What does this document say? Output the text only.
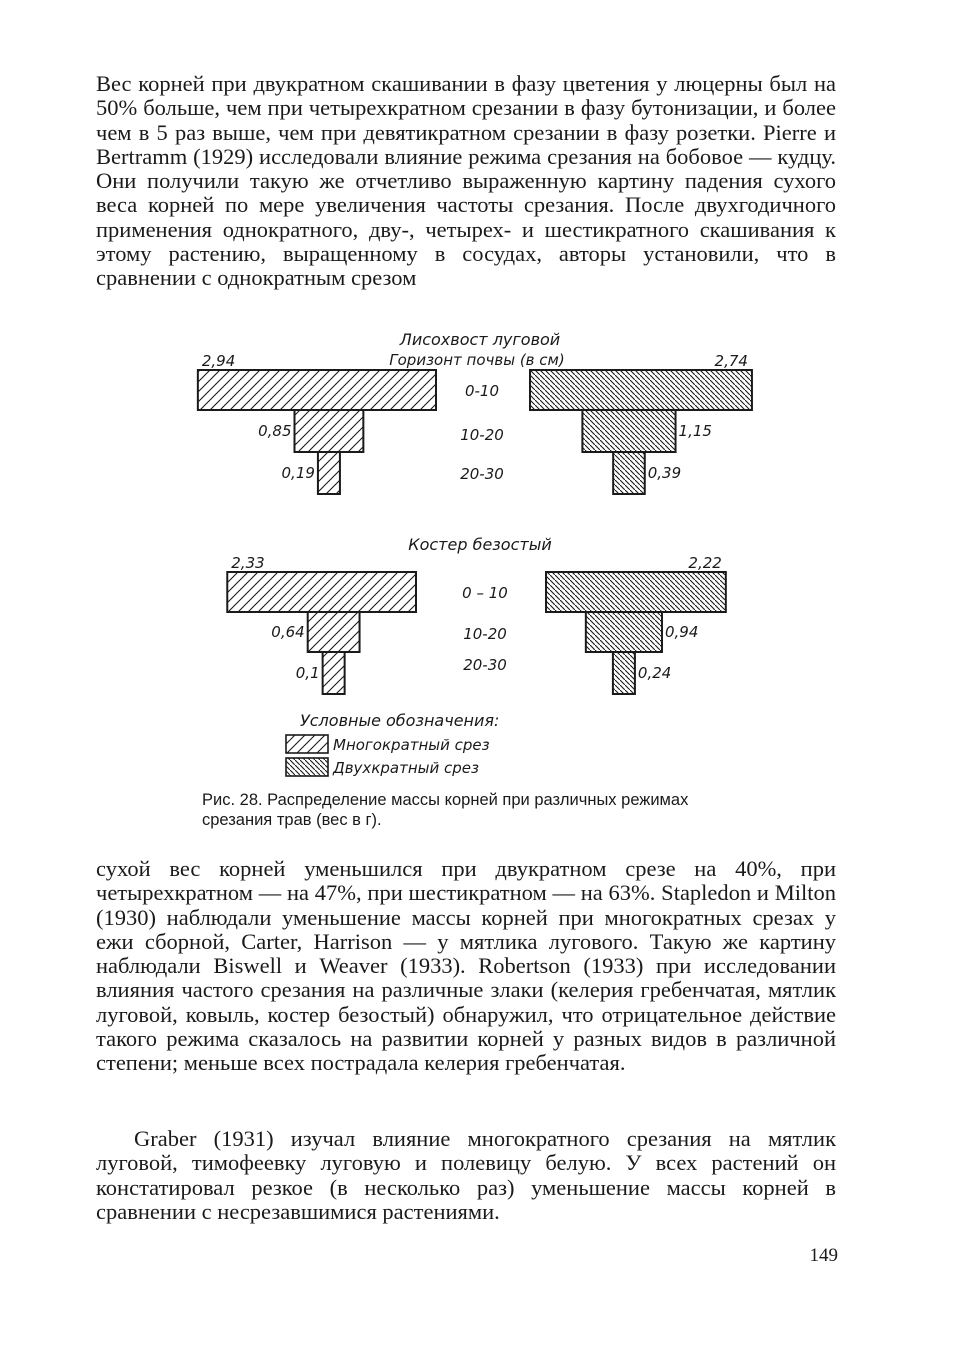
Вес корней при двукратном скашивании в фазу цветения у люцерны был на 50% больше, чем при четырехкратном срезании в фазу бутонизации, и более чем в 5 раз выше, чем при девятикратном срезании в фазу розетки. Pierre и Bertramm (1929) исследовали влияние режима срезания на бобовое — кудцу. Они получили такую же отчетливо выраженную картину падения сухого веса корней по мере увеличения частоты срезания. После двухгодичного применения однократного, дву-, четырех- и шестикратного скашивания к этому растению, выращенному в сосудах, авторы установили, что в сравнении с однократным срезом

Лисохвост луговой
Горизонт почвы (в см)
0-10
10-20
20-30
2,94
0,85
0,19
2,74
1,15
0,39
Костер безостый
0 – 10
10-20
20-30
2,33
0,64
0,1
2,22
0,94
0,24
Условные обозначения:
Многократный срез
Двухкратный срез
Рис. 28. Распределение массы корней при различных режимах срезания трав (вес в г).

сухой вес корней уменьшился при двукратном срезе на 40%, при четырехкратном — на 47%, при шестикратном — на 63%. Stapledon и Milton (1930) наблюдали уменьшение массы корней при многократных срезах у ежи сборной, Carter, Harrison — у мятлика лугового. Такую же картину наблюдали Biswell и Weaver (1933). Robertson (1933) при исследовании влияния частого срезания на различные злаки (келерия гребенчатая, мятлик луговой, ковыль, костер безостый) обнаружил, что отрицательное действие такого режима сказалось на развитии корней у разных видов в различной степени; меньше всех пострадала келерия гребенчатая.

Graber (1931) изучал влияние многократного срезания на мятлик луговой, тимофеевку луговую и полевицу белую. У всех растений он констатировал резкое (в несколько раз) уменьшение массы корней в сравнении с несрезавшимися растениями.

149
